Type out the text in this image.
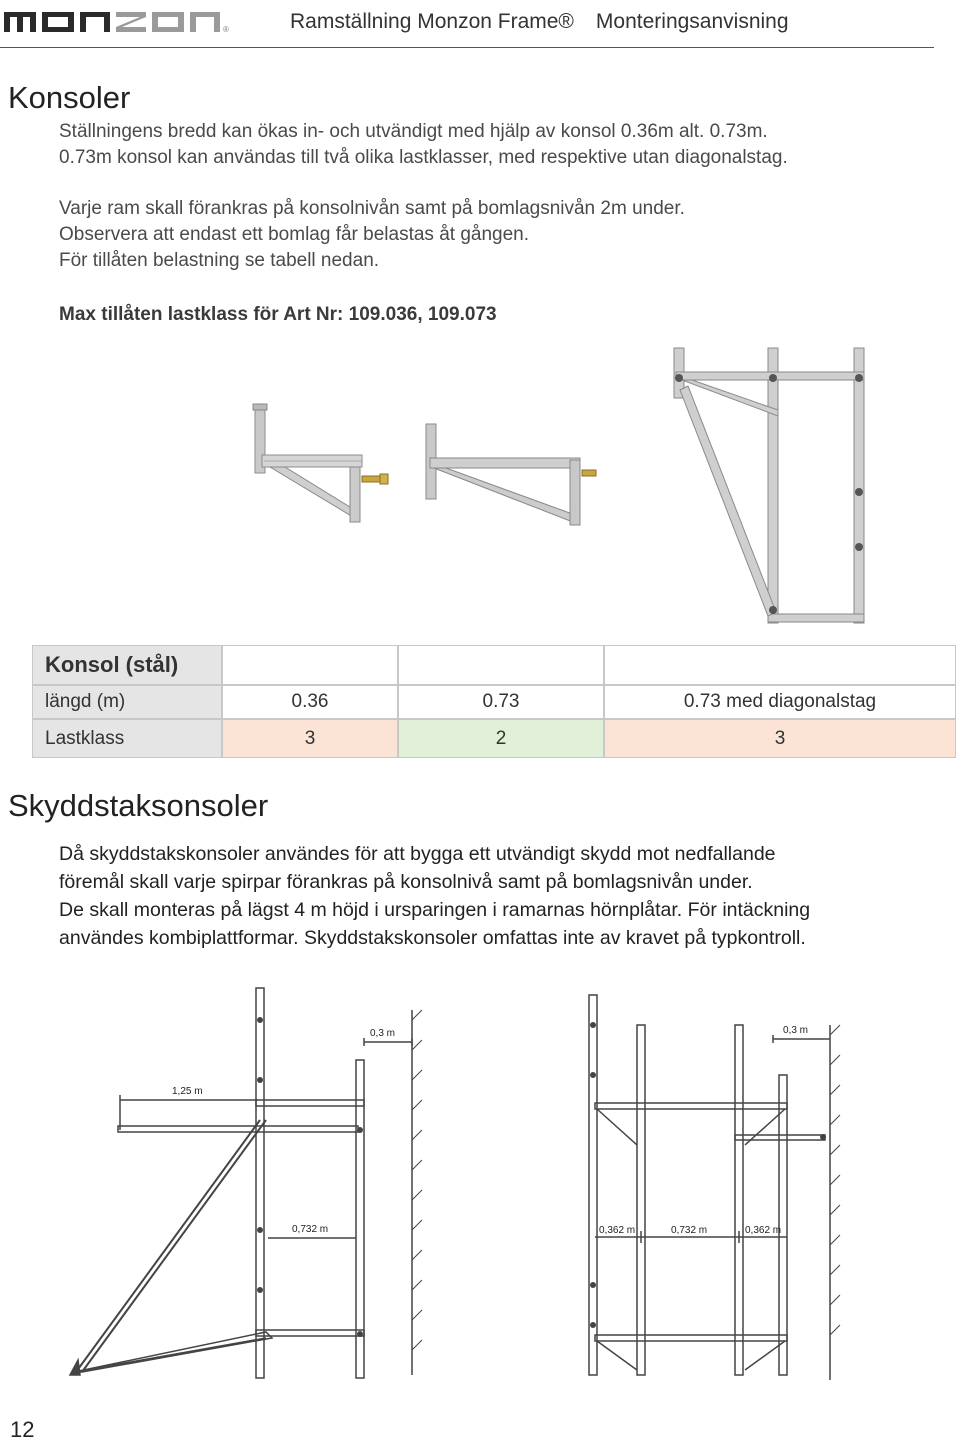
®
monzon
Ramställning Monzon Frame® Monteringsanvisning
Konsoler
Ställningens bredd kan ökas in- och utvändigt med hjälp av konsol 0.36m alt. 0.73m.
0.73m konsol kan användas till två olika lastklasser, med respektive utan diagonalstag.
Varje ram skall förankras på konsolnivån samt på bomlagsnivån 2m under.
Observera att endast ett bomlag får belastas åt gången.
För tillåten belastning se tabell nedan.
Max tillåten lastklass för Art Nr: 109.036, 109.073
Konsol (stål)
längd (m)	0.36	0.73	0.73 med diagonalstag
Lastklass	3	2	3
Skyddstaksonsoler
Då skyddstakskonsoler användes för att bygga ett utvändigt skydd mot nedfallande
föremål skall varje spirpar förankras på konsolnivå samt på bomlagsnivån under.
De skall monteras på lägst 4 m höjd i ursparingen i ramarnas hörnplåtar. För intäckning
användes kombiplattformar. Skyddstakskonsoler omfattas inte av kravet på typkontroll.
0,3 m
1,25 m
0,732 m
0,3 m
0,362 m	0,732 m	0,362 m
12
